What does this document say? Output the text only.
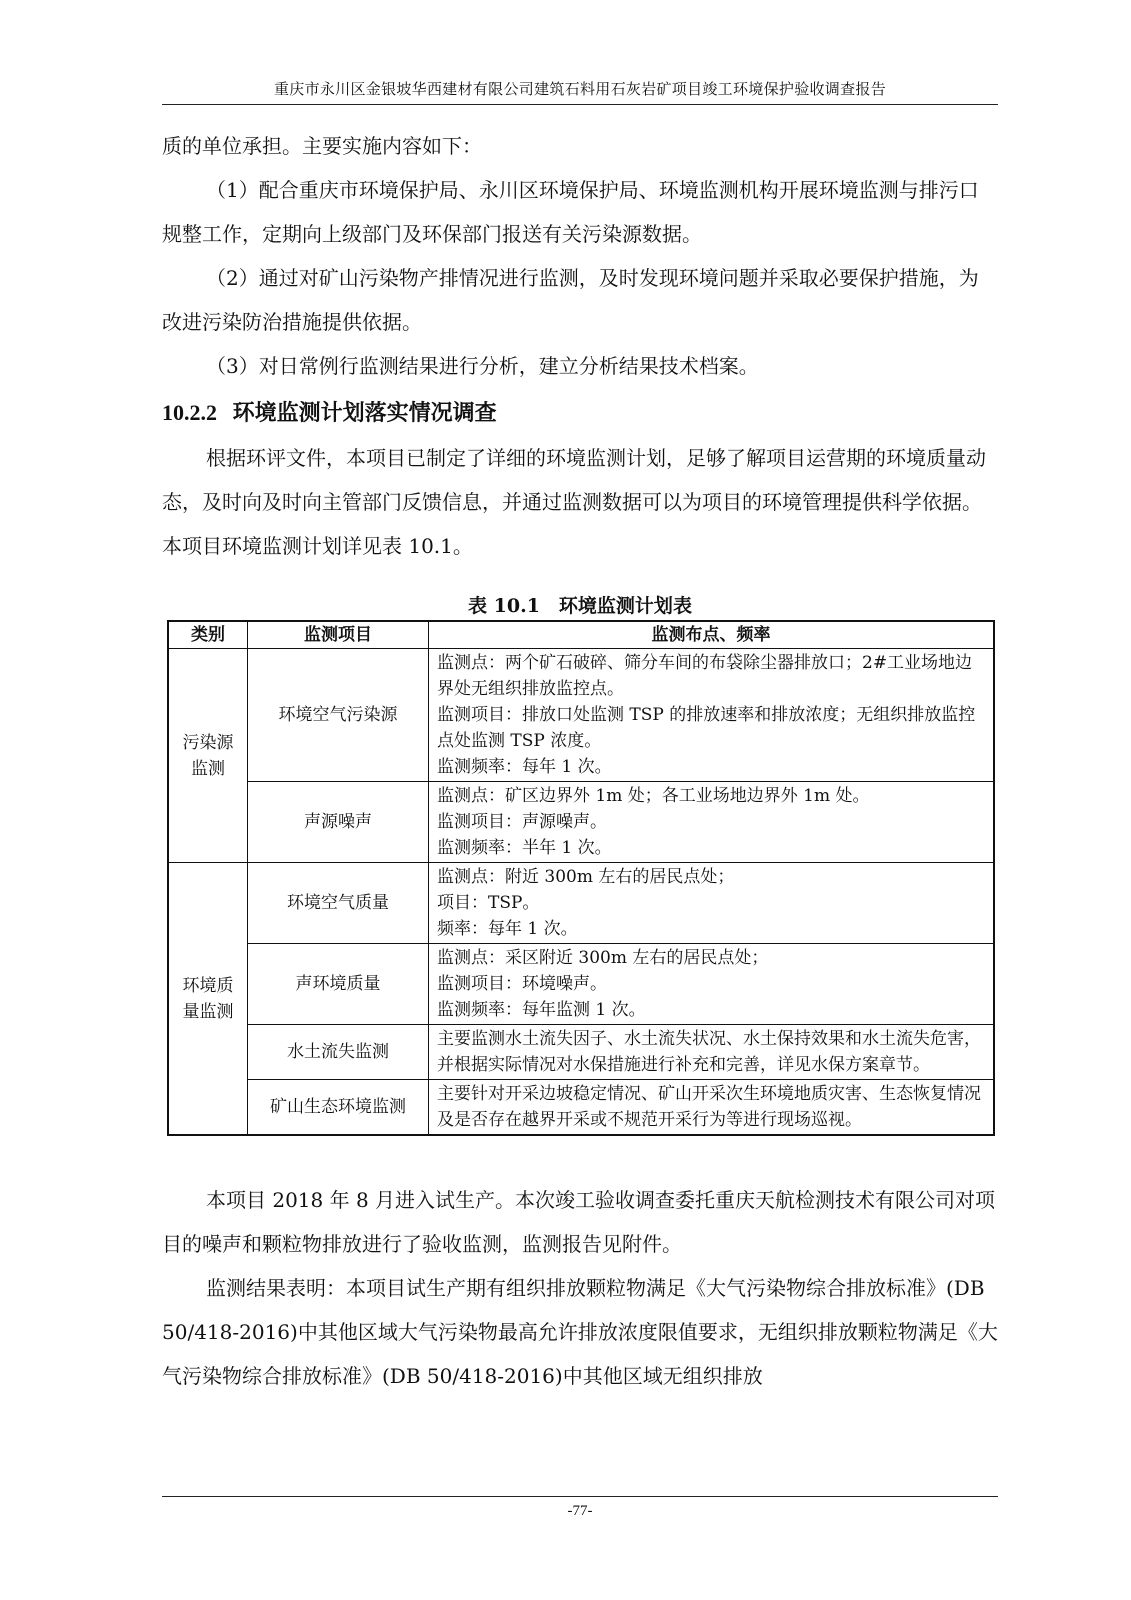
重庆市永川区金银坡华西建材有限公司建筑石料用石灰岩矿项目竣工环境保护验收调查报告

质的单位承担。主要实施内容如下：

（1）配合重庆市环境保护局、永川区环境保护局、环境监测机构开展环境监测与排污口规整工作，定期向上级部门及环保部门报送有关污染源数据。

（2）通过对矿山污染物产排情况进行监测，及时发现环境问题并采取必要保护措施，为改进污染防治措施提供依据。

（3）对日常例行监测结果进行分析，建立分析结果技术档案。

10.2.2 环境监测计划落实情况调查

根据环评文件，本项目已制定了详细的环境监测计划，足够了解项目运营期的环境质量动态，及时向及时向主管部门反馈信息，并通过监测数据可以为项目的环境管理提供科学依据。本项目环境监测计划详见表 10.1。

表 10.1　环境监测计划表
类别	监测项目	监测布点、频率
污染源监测	环境空气污染源	监测点：两个矿石破碎、筛分车间的布袋除尘器排放口；2#工业场地边界处无组织排放监控点。
监测项目：排放口处监测 TSP 的排放速率和排放浓度；无组织排放监控点处监测 TSP 浓度。
监测频率：每年 1 次。

	声源噪声	监测点：矿区边界外 1m 处；各工业场地边界外 1m 处。
监测项目：声源噪声。
监测频率：半年 1 次。

环境质量监测	环境空气质量	监测点：附近 300m 左右的居民点处；
项目：TSP。
频率：每年 1 次。

	声环境质量	监测点：采区附近 300m 左右的居民点处；
监测项目：环境噪声。
监测频率：每年监测 1 次。

	水土流失监测	主要监测水土流失因子、水土流失状况、水土保持效果和水土流失危害，并根据实际情况对水保措施进行补充和完善，详见水保方案章节。

	矿山生态环境监测	主要针对开采边坡稳定情况、矿山开采次生环境地质灾害、生态恢复情况及是否存在越界开采或不规范开采行为等进行现场巡视。

本项目 2018 年 8 月进入试生产。本次竣工验收调查委托重庆天航检测技术有限公司对项目的噪声和颗粒物排放进行了验收监测，监测报告见附件。

监测结果表明：本项目试生产期有组织排放颗粒物满足《大气污染物综合排放标准》(DB 50/418-2016)中其他区域大气污染物最高允许排放浓度限值要求，无组织排放颗粒物满足《大气污染物综合排放标准》(DB 50/418-2016)中其他区域无组织排放

-77-
